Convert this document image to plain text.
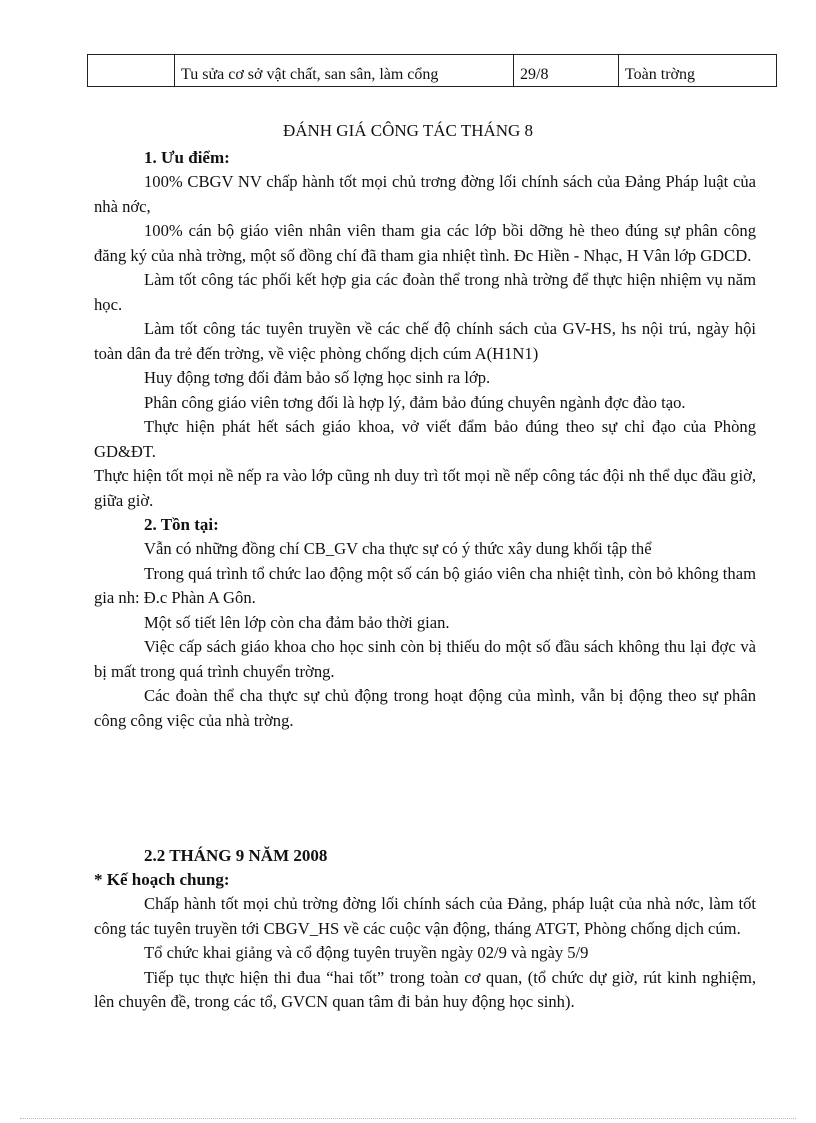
	Tu sửa cơ sở vật chất, san sân, làm cổng	29/8	Toàn trờng
ĐÁNH GIÁ CÔNG TÁC THÁNG 8

1. Ưu điểm:

100% CBGV NV chấp hành tốt mọi chủ trơng đờng lối chính sách của Đảng Pháp luật của nhà nớc,

100% cán bộ giáo viên nhân viên tham gia các lớp bồi dỡng hè theo đúng sự phân công đăng ký của nhà trờng, một số đồng chí đã tham gia nhiệt tình. Đc Hiền - Nhạc, H Vân lớp GDCD.

Làm tốt công tác phối kết hợp gia các đoàn thể trong nhà trờng để thực hiện nhiệm vụ năm học.

Làm tốt công tác tuyên truyền về các chế độ chính sách của GV-HS, hs nội trú, ngày hội toàn dân đa trẻ đến trờng, về việc phòng chống dịch cúm A(H1N1)

Huy động tơng đối đảm bảo số lợng học sinh ra lớp.

Phân công giáo viên tơng đối là hợp lý, đảm bảo đúng chuyên ngành đợc đào tạo.

Thực hiện phát hết sách giáo khoa, vở viết đẩm bảo đúng theo sự chỉ đạo của Phòng GD&ĐT.

Thực hiện tốt mọi nề nếp ra vào lớp cũng nh duy trì tốt mọi nề nếp công tác đội nh thể dục đầu giờ, giữa giờ.

2. Tồn tại:

Vẫn có những đồng chí CB_GV cha thực sự có ý thức xây dung khối tập thể

Trong quá trình tổ chức lao động một số cán bộ giáo viên cha nhiệt tình, còn bỏ không tham gia nh: Đ.c Phàn A Gôn.

Một số tiết lên lớp còn cha đảm bảo thời gian.

Việc cấp sách giáo khoa cho học sinh còn bị thiếu do một số đầu sách không thu lại đợc và bị mất trong quá trình chuyển trờng.

Các đoàn thể cha thực sự chủ động trong hoạt động của mình, vẫn bị động theo sự phân công công việc của nhà trờng.

2.2 THÁNG 9 NĂM 2008

* Kế hoạch chung:

Chấp hành tốt mọi chủ trờng đờng lối chính sách của Đảng, pháp luật của nhà nớc, làm tốt công tác tuyên truyền tới CBGV_HS về các cuộc vận động, tháng ATGT, Phòng chống dịch cúm.

Tổ chức khai giảng và cổ động tuyên truyền ngày 02/9 và ngày 5/9

Tiếp tục thực hiện thi đua “hai tốt” trong toàn cơ quan, (tổ chức dự giờ, rút kinh nghiệm, lên chuyên đề, trong các tổ, GVCN quan tâm đi bản huy động học sinh).
